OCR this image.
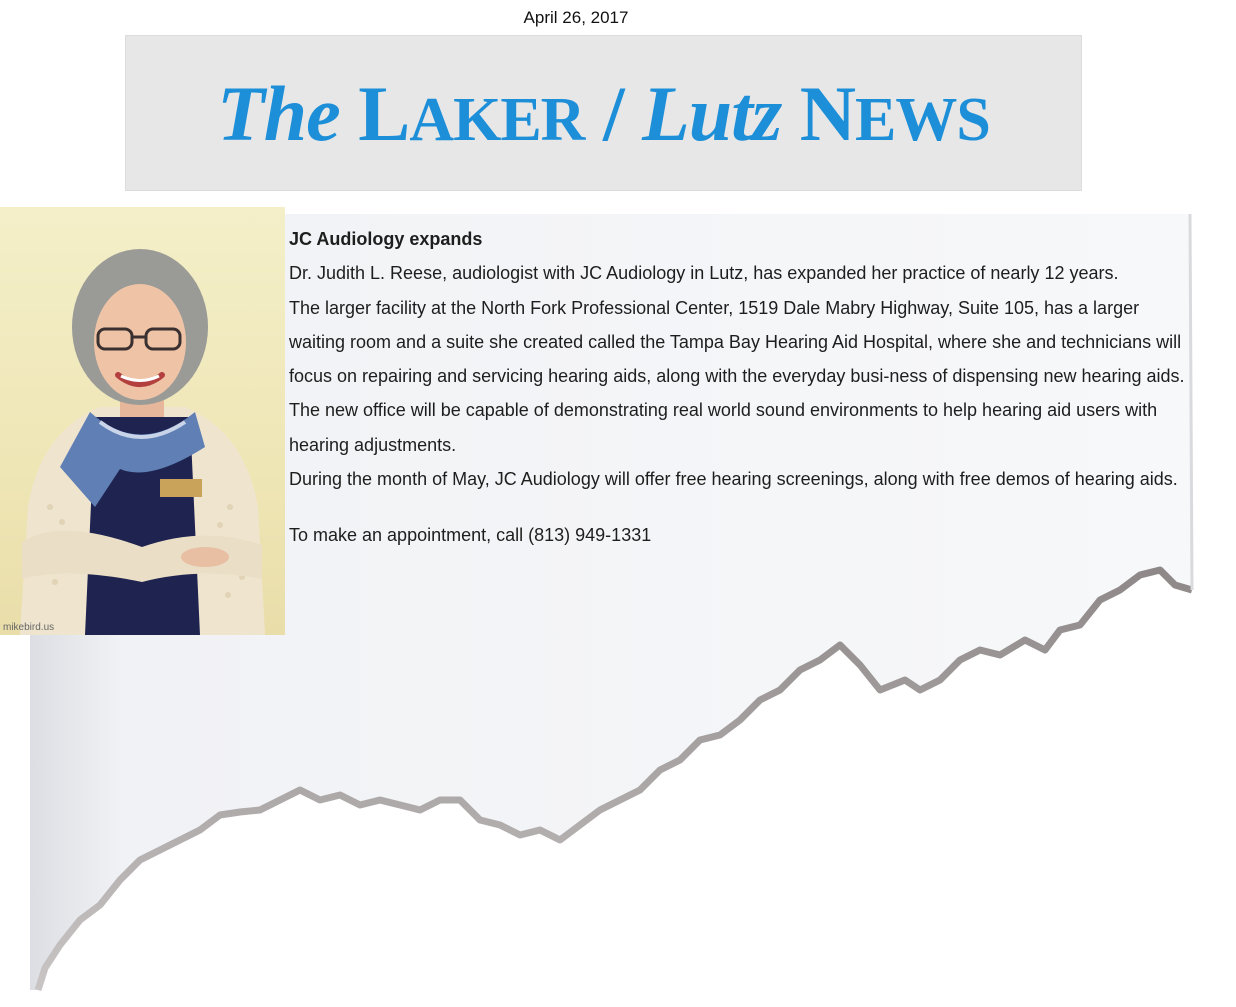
April 26, 2017
The LAKER / Lutz NEWS
mikebird.us

JC Audiology expands

Dr. Judith L. Reese, audiologist with JC Audiology in Lutz, has expanded her practice of nearly 12 years.

The larger facility at the North Fork Professional Center, 1519 Dale Mabry Highway, Suite 105, has a larger waiting room and a suite she created called the Tampa Bay Hearing Aid Hospital, where she and technicians will focus on repairing and servicing hearing aids, along with the everyday busi-ness of dispensing new hearing aids.

The new office will be capable of demonstrating real world sound environments to help hearing aid users with hearing adjustments.

During the month of May, JC Audiology will offer free hearing screenings, along with free demos of hearing aids.

To make an appointment, call (813) 949-1331
